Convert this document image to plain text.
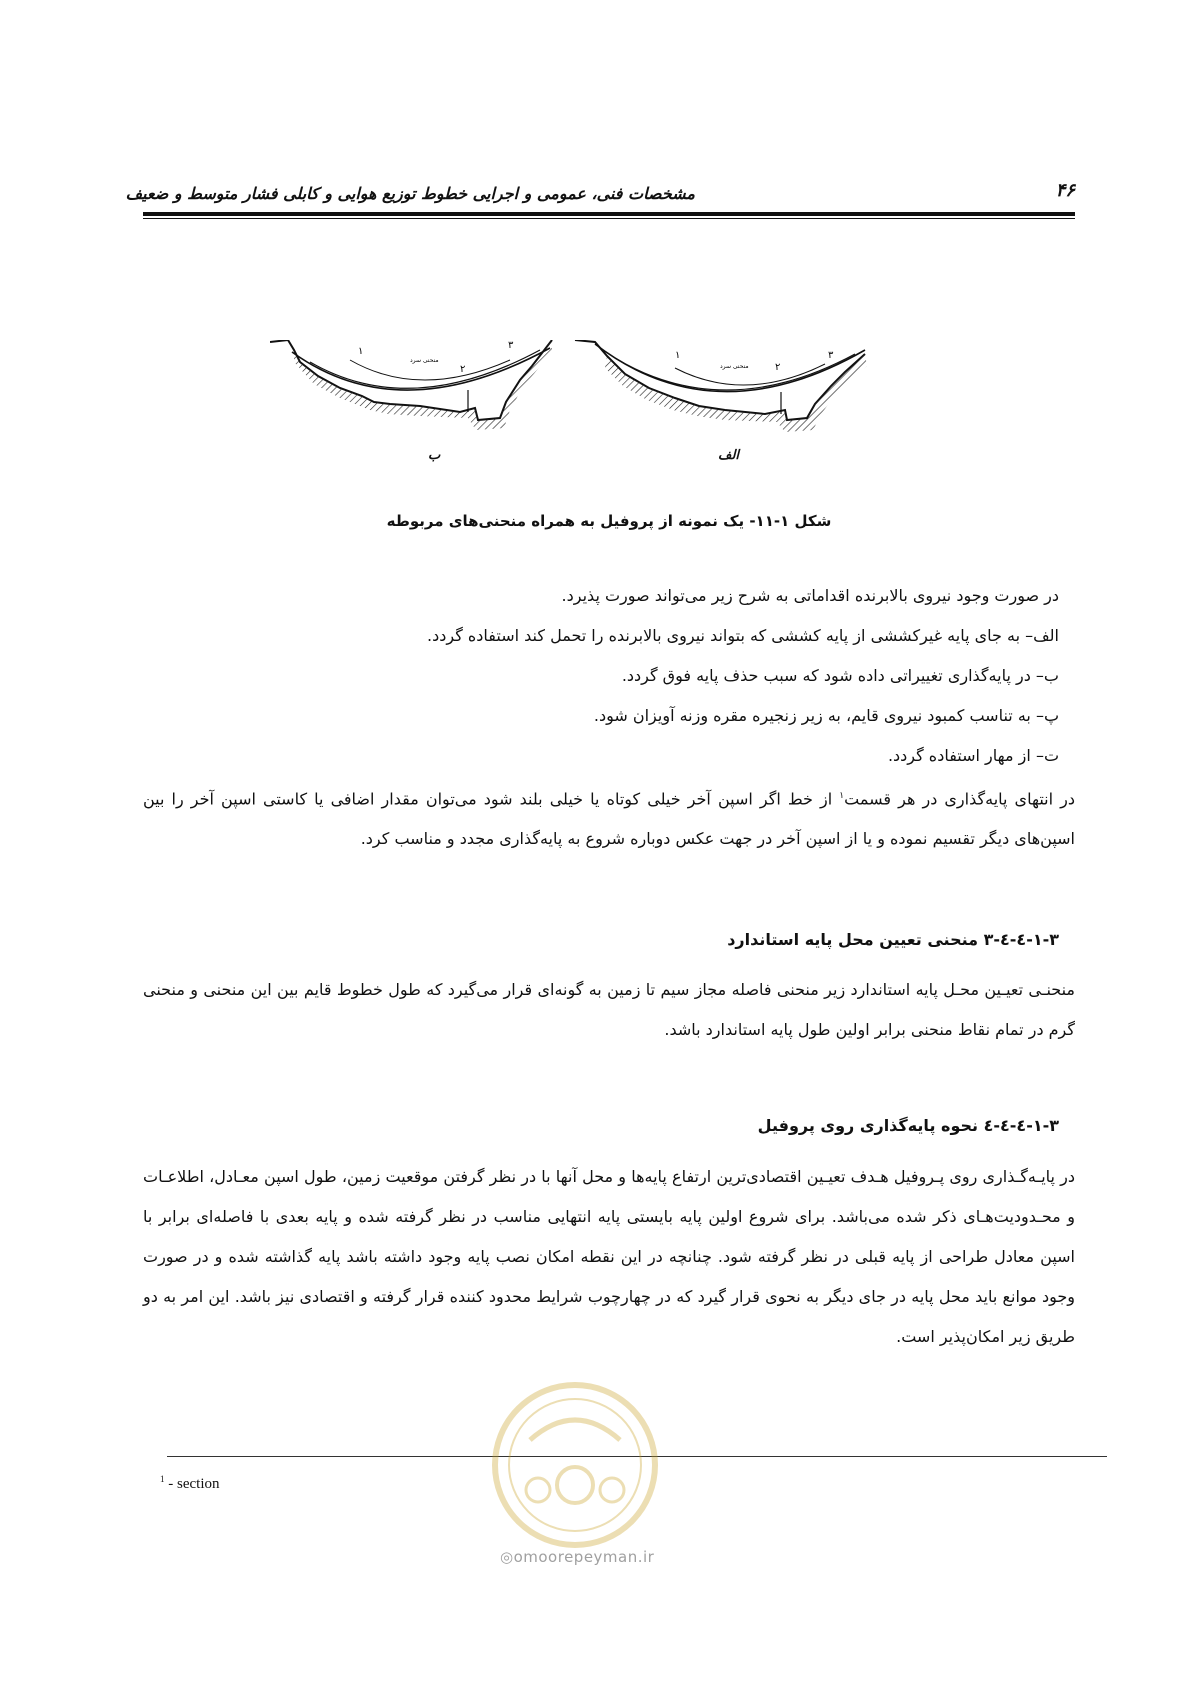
مشخصات فنی، عمومی و اجرایی خطوط توزیع هوایی و کابلی فشار متوسط و ضعیف	۴۶
۱
۲
۳
منحنی سرد	۱
۲
۳
منحنی سرد
ب	الف
شکل ۱-۱۱- یک نمونه از پروفیل به همراه منحنی‌های مربوطه

در صورت وجود نیروی بالابرنده اقداماتی به شرح زیر می‌تواند صورت پذیرد.

الف– به جای پایه غیرکششی از پایه کششی که بتواند نیروی بالابرنده را تحمل کند استفاده گردد.

ب– در پایه‌گذاری تغییراتی داده شود که سبب حذف پایه فوق گردد.

پ– به تناسب کمبود نیروی قایم، به زیر زنجیره مقره وزنه آویزان شود.

ت– از مهار استفاده گردد.

در انتهای پایه‌گذاری در هر قسمت$^۱$ از خط اگر اسپن آخر خیلی کوتاه یا خیلی بلند شود می‌توان مقدار اضافی یا کاستی اسپن آخر را بین اسپن‌های دیگر تقسیم نموده و یا از اسپن آخر در جهت عکس دوباره شروع به پایه‌گذاری مجدد و مناسب کرد.

۱-۳-٤-٤-۳ منحنی تعیین محل پایه استاندارد

منحنـی تعیـین محـل پایه استاندارد زیر منحنی فاصله مجاز سیم تا زمین به گونه‌ای قرار می‌گیرد که طول خطوط قایم بین این منحنی و منحنی گرم در تمام نقاط منحنی برابر اولین طول پایه استاندارد باشد.

۱-۳-٤-٤-٤ نحوه پایه‌گذاری روی پروفیل

در پایـه‌گـذاری روی پـروفیل هـدف تعیـین اقتصادی‌ترین ارتفاع پایه‌ها و محل آنها با در نظر گرفتن موقعیت زمین، طول اسپن معـادل، اطلاعـات و محـدودیت‌هـای ذکر شده می‌باشد. برای شروع اولین پایه بایستی پایه انتهایی مناسب در نظر گرفته شده و پایه بعدی با فاصله‌ای برابر با اسپن معادل طراحی از پایه قبلی در نظر گرفته شود. چنانچه در این نقطه امکان نصب پایه وجود داشته باشد پایه گذاشته شده و در صورت وجود موانع باید محل پایه در جای دیگر به نحوی قرار گیرد که در چهارچوب شرایط محدود کننده قرار گرفته و اقتصادی نیز باشد. این امر به دو طریق زیر امکان‌پذیر است.

$^1$ - section
◎omoorepeyman.ir
